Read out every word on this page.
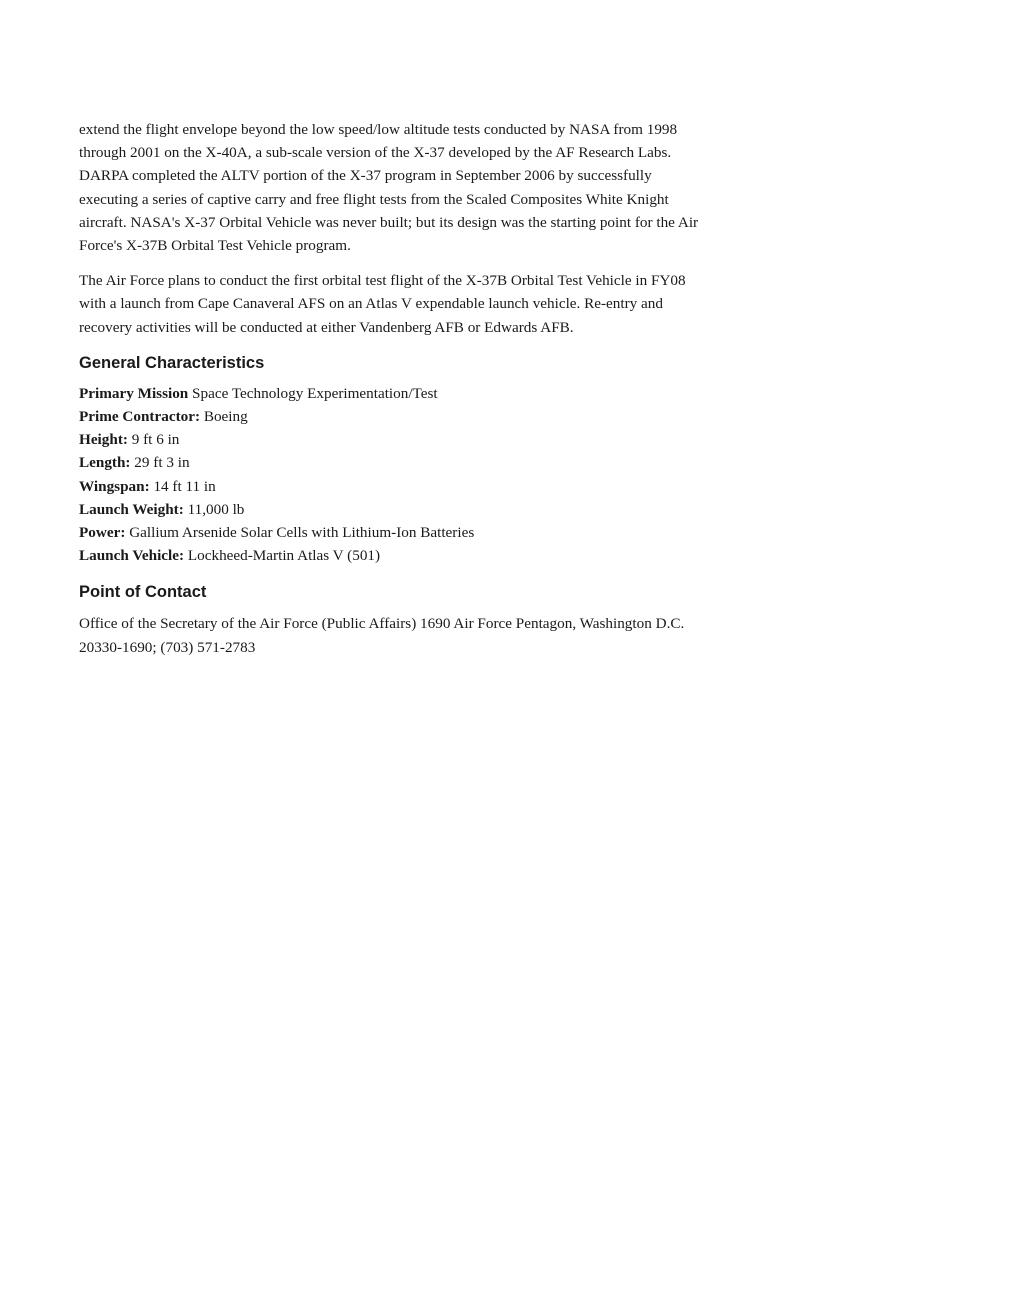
extend the flight envelope beyond the low speed/low altitude tests conducted by NASA from 1998
through 2001 on the X-40A, a sub-scale version of the X-37 developed by the AF Research Labs.
DARPA completed the ALTV portion of the X-37 program in September 2006 by successfully
executing a series of captive carry and free flight tests from the Scaled Composites White Knight
aircraft. NASA's X-37 Orbital Vehicle was never built; but its design was the starting point for the Air
Force's X-37B Orbital Test Vehicle program.

The Air Force plans to conduct the first orbital test flight of the X-37B Orbital Test Vehicle in FY08
with a launch from Cape Canaveral AFS on an Atlas V expendable launch vehicle. Re-entry and
recovery activities will be conducted at either Vandenberg AFB or Edwards AFB.

General Characteristics
Primary Mission Space Technology Experimentation/Test
Prime Contractor: Boeing
Height: 9 ft 6 in
Length: 29 ft 3 in
Wingspan: 14 ft 11 in
Launch Weight: 11,000 lb
Power: Gallium Arsenide Solar Cells with Lithium-Ion Batteries
Launch Vehicle: Lockheed-Martin Atlas V (501)
Point of Contact

Office of the Secretary of the Air Force (Public Affairs) 1690 Air Force Pentagon, Washington D.C.
20330-1690; (703) 571-2783
